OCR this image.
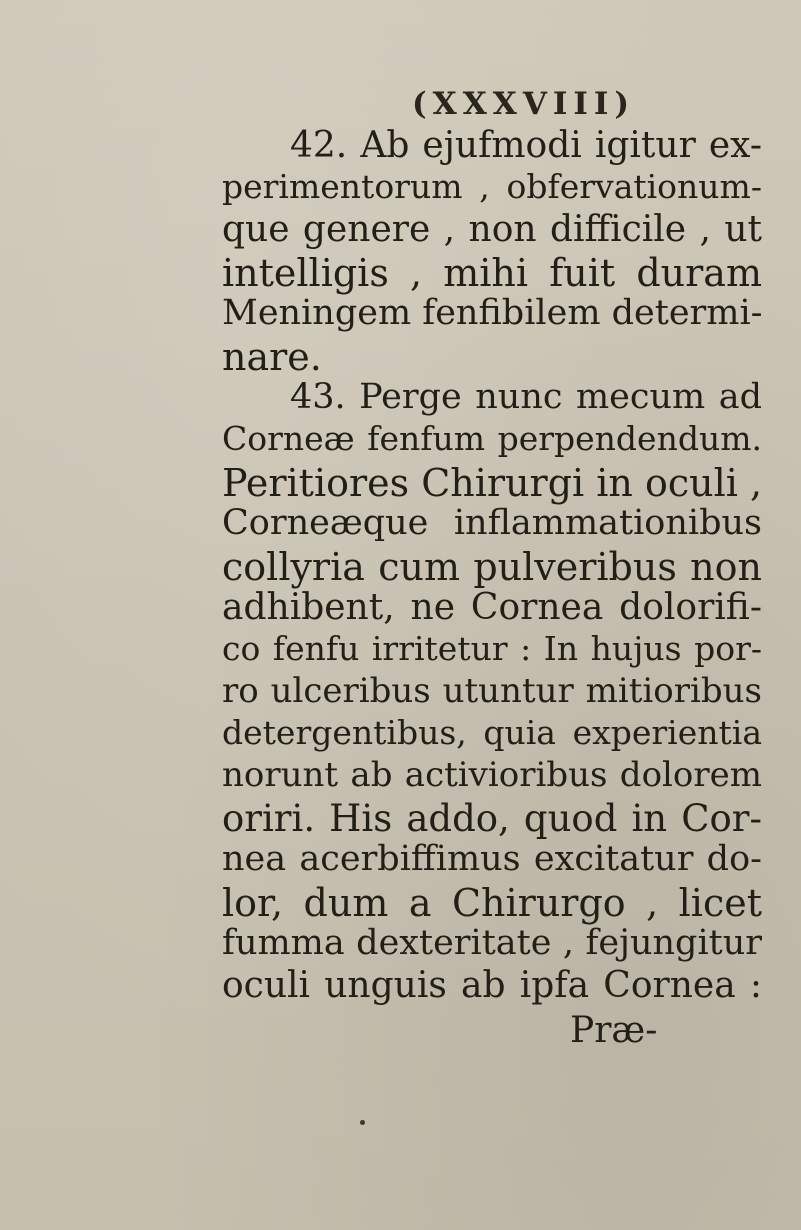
(XXXVIII)
42. Ab ejufmodi igitur ex-
perimentorum , obfervationum-
que genere , non difficile , ut
intelligis , mihi fuit duram
Meningem fenfibilem determi-
nare.
43. Perge nunc mecum ad
Corneæ fenfum perpendendum.
Peritiores Chirurgi in oculi ,
Corneæque inflammationibus
collyria cum pulveribus non
adhibent, ne Cornea dolorifi-
co fenfu irritetur : In hujus por-
ro ulceribus utuntur mitioribus
detergentibus, quia experientia
norunt ab activioribus dolorem
oriri. His addo, quod in Cor-
nea acerbiffimus excitatur do-
lor, dum a Chirurgo , licet
fumma dexteritate , fejungitur
oculi unguis ab ipfa Cornea :
Præ-
